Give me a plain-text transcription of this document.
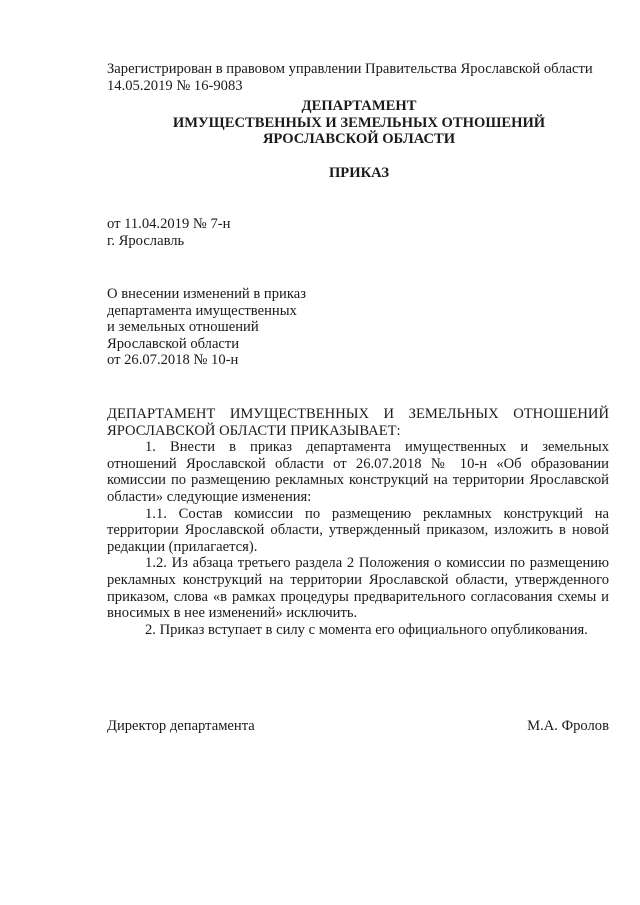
Зарегистрирован в правовом управлении Правительства Ярославской области
14.05.2019 № 16-9083
ДЕПАРТАМЕНТ
ИМУЩЕСТВЕННЫХ И ЗЕМЕЛЬНЫХ ОТНОШЕНИЙ
ЯРОСЛАВСКОЙ ОБЛАСТИ
ПРИКАЗ
от 11.04.2019 № 7-н
г. Ярославль
О внесении изменений в приказ
департамента имущественных
и земельных отношений
Ярославской области
от 26.07.2018 № 10-н

ДЕПАРТАМЕНТ ИМУЩЕСТВЕННЫХ И ЗЕМЕЛЬНЫХ ОТНОШЕНИЙ ЯРОСЛАВСКОЙ ОБЛАСТИ ПРИКАЗЫВАЕТ:

1. Внести в приказ департамента имущественных и земельных отношений Ярославской области от 26.07.2018 № 10-н «Об образовании комиссии по размещению рекламных конструкций на территории Ярославской области» следующие изменения:

1.1. Состав комиссии по размещению рекламных конструкций на территории Ярославской области, утвержденный приказом, изложить в новой редакции (прилагается).

1.2. Из абзаца третьего раздела 2 Положения о комиссии по размещению рекламных конструкций на территории Ярославской области, утвержденного приказом, слова «в рамках процедуры предварительного согласования схемы и вносимых в нее изменений» исключить.

2. Приказ вступает в силу с момента его официального опубликования.

Директор департамента	М.А. Фролов
